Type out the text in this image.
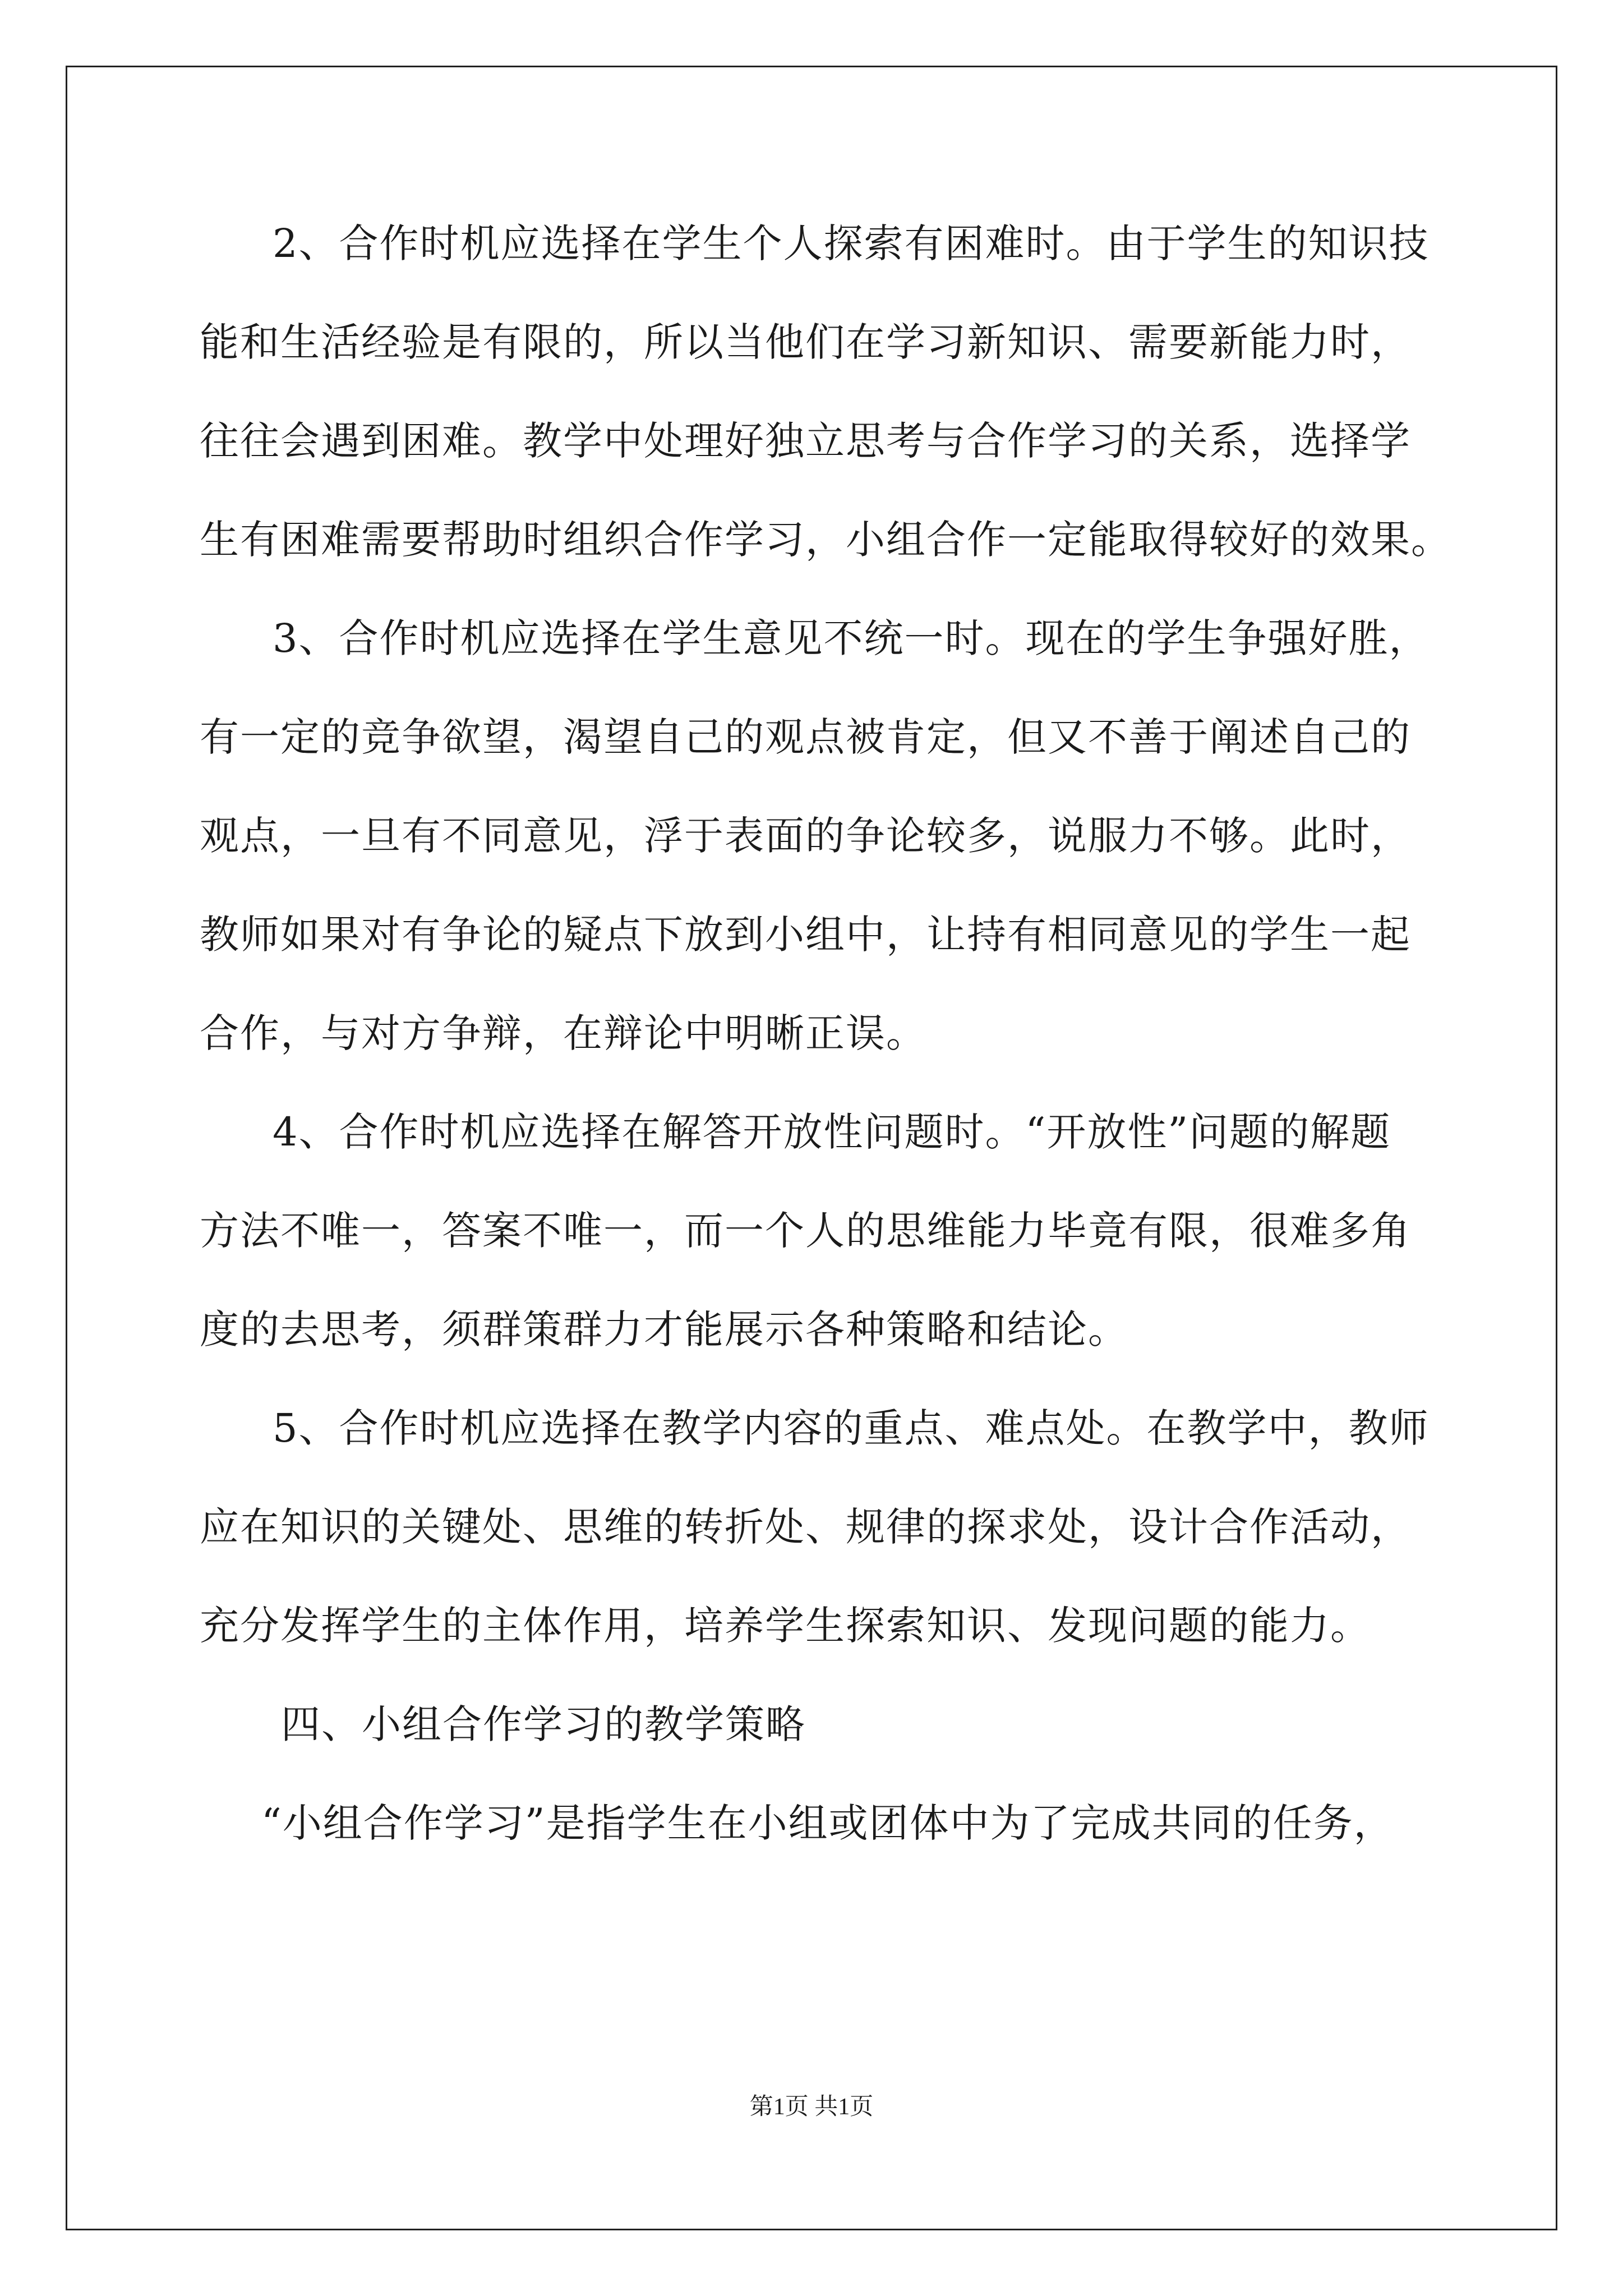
2、合作时机应选择在学生个人探索有困难时。由于学生的知识技
能和生活经验是有限的，所以当他们在学习新知识、需要新能力时，
往往会遇到困难。教学中处理好独立思考与合作学习的关系，选择学
生有困难需要帮助时组织合作学习，小组合作一定能取得较好的效果。
3、合作时机应选择在学生意见不统一时。现在的学生争强好胜，
有一定的竞争欲望，渴望自己的观点被肯定，但又不善于阐述自己的
观点，一旦有不同意见，浮于表面的争论较多，说服力不够。此时，
教师如果对有争论的疑点下放到小组中，让持有相同意见的学生一起
合作，与对方争辩，在辩论中明晰正误。
4、合作时机应选择在解答开放性问题时。“开放性”问题的解题
方法不唯一，答案不唯一，而一个人的思维能力毕竟有限，很难多角
度的去思考，须群策群力才能展示各种策略和结论。
5、合作时机应选择在教学内容的重点、难点处。在教学中，教师
应在知识的关键处、思维的转折处、规律的探求处，设计合作活动，
充分发挥学生的主体作用，培养学生探索知识、发现问题的能力。
四、小组合作学习的教学策略
“小组合作学习”是指学生在小组或团体中为了完成共同的任务，
第1页 共1页
